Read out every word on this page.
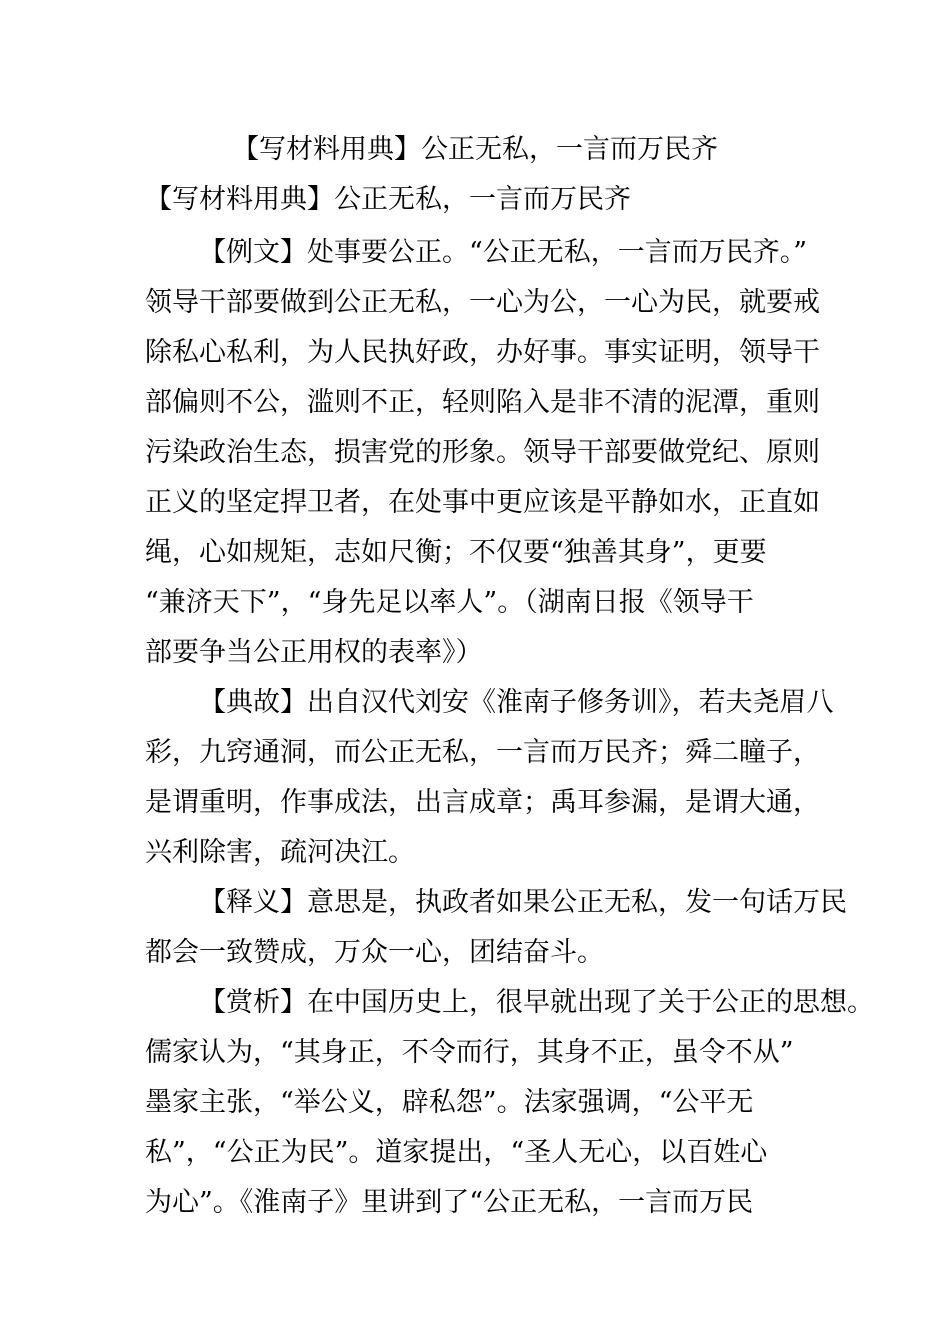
【写材料用典】公正无私，一言而万民齐

【写材料用典】公正无私，一言而万民齐

【例文】处事要公正。“公正无私，一言而万民齐。”
领导干部要做到公正无私，一心为公，一心为民，就要戒
除私心私利，为人民执好政，办好事。事实证明，领导干
部偏则不公，滥则不正，轻则陷入是非不清的泥潭，重则
污染政治生态，损害党的形象。领导干部要做党纪、原则
正义的坚定捍卫者，在处事中更应该是平静如水，正直如
绳，心如规矩，志如尺衡；不仅要“独善其身”，更要
“兼济天下”，“身先足以率人”。（湖南日报《领导干
部要争当公正用权的表率》）
【典故】出自汉代刘安《淮南子修务训》，若夫尧眉八
彩，九窍通洞，而公正无私，一言而万民齐；舜二瞳子，
是谓重明，作事成法，出言成章；禹耳参漏，是谓大通，
兴利除害，疏河决江。
【释义】意思是，执政者如果公正无私，发一句话万民
都会一致赞成，万众一心，团结奋斗。
【赏析】在中国历史上，很早就出现了关于公正的思想。
儒家认为，“其身正，不令而行，其身不正，虽令不从”
墨家主张，“举公义，辟私怨”。法家强调，“公平无
私”，“公正为民”。道家提出，“圣人无心，以百姓心
为心”。《淮南子》里讲到了“公正无私，一言而万民
